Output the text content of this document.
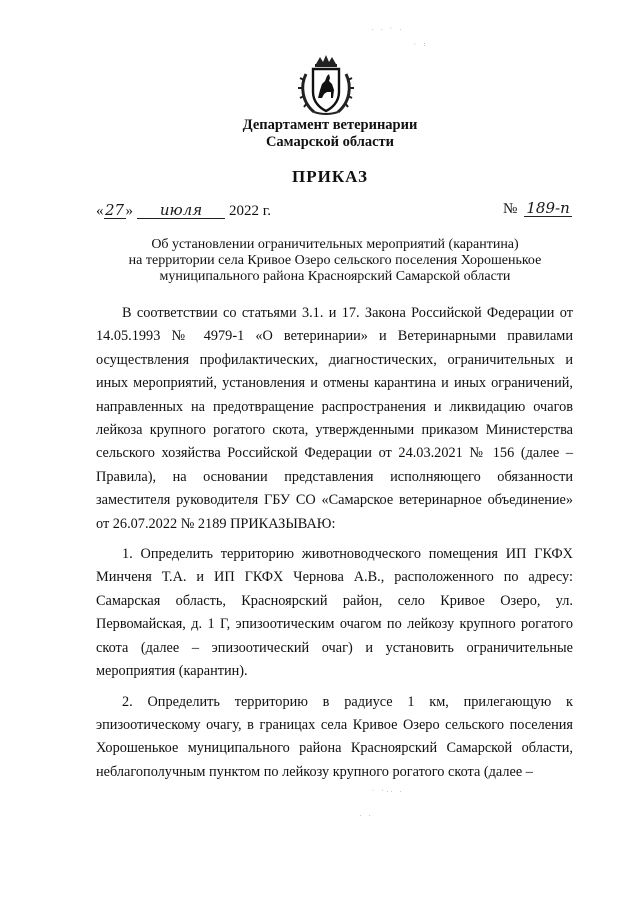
Департамент ветеринарии
Самарской области
ПРИКАЗ
« 27 »	июля	2022 г.	№ 189-п
Об установлении ограничительных мероприятий (карантина)
на территории села Кривое Озеро сельского поселения Хорошенькое
муниципального района Красноярский Самарской области

В соответствии со статьями 3.1. и 17. Закона Российской Федерации от 14.05.1993 № 4979-1 «О ветеринарии» и Ветеринарными правилами осуществления профилактических, диагностических, ограничительных и иных мероприятий, установления и отмены карантина и иных ограничений, направленных на предотвращение распространения и ликвидацию очагов лейкоза крупного рогатого скота, утвержденными приказом Министерства сельского хозяйства Российской Федерации от 24.03.2021 № 156 (далее – Правила), на основании представления исполняющего обязанности заместителя руководителя ГБУ СО «Самарское ветеринарное объединение» от 26.07.2022 № 2189 ПРИКАЗЫВАЮ:

1. Определить территорию животноводческого помещения ИП ГКФХ Минченя Т.А. и ИП ГКФХ Чернова А.В., расположенного по адресу: Самарская область, Красноярский район, село Кривое Озеро, ул. Первомайская, д. 1 Г, эпизоотическим очагом по лейкозу крупного рогатого скота (далее – эпизоотический очаг) и установить ограничительные мероприятия (карантин).

2. Определить территорию в радиусе 1 км, прилегающую к эпизоотическому очагу, в границах села Кривое Озеро сельского поселения Хорошенькое муниципального района Красноярский Самарской области, неблагополучным пунктом по лейкозу крупного рогатого скота (далее –

. . · .
· :
· ·.. .
. .
